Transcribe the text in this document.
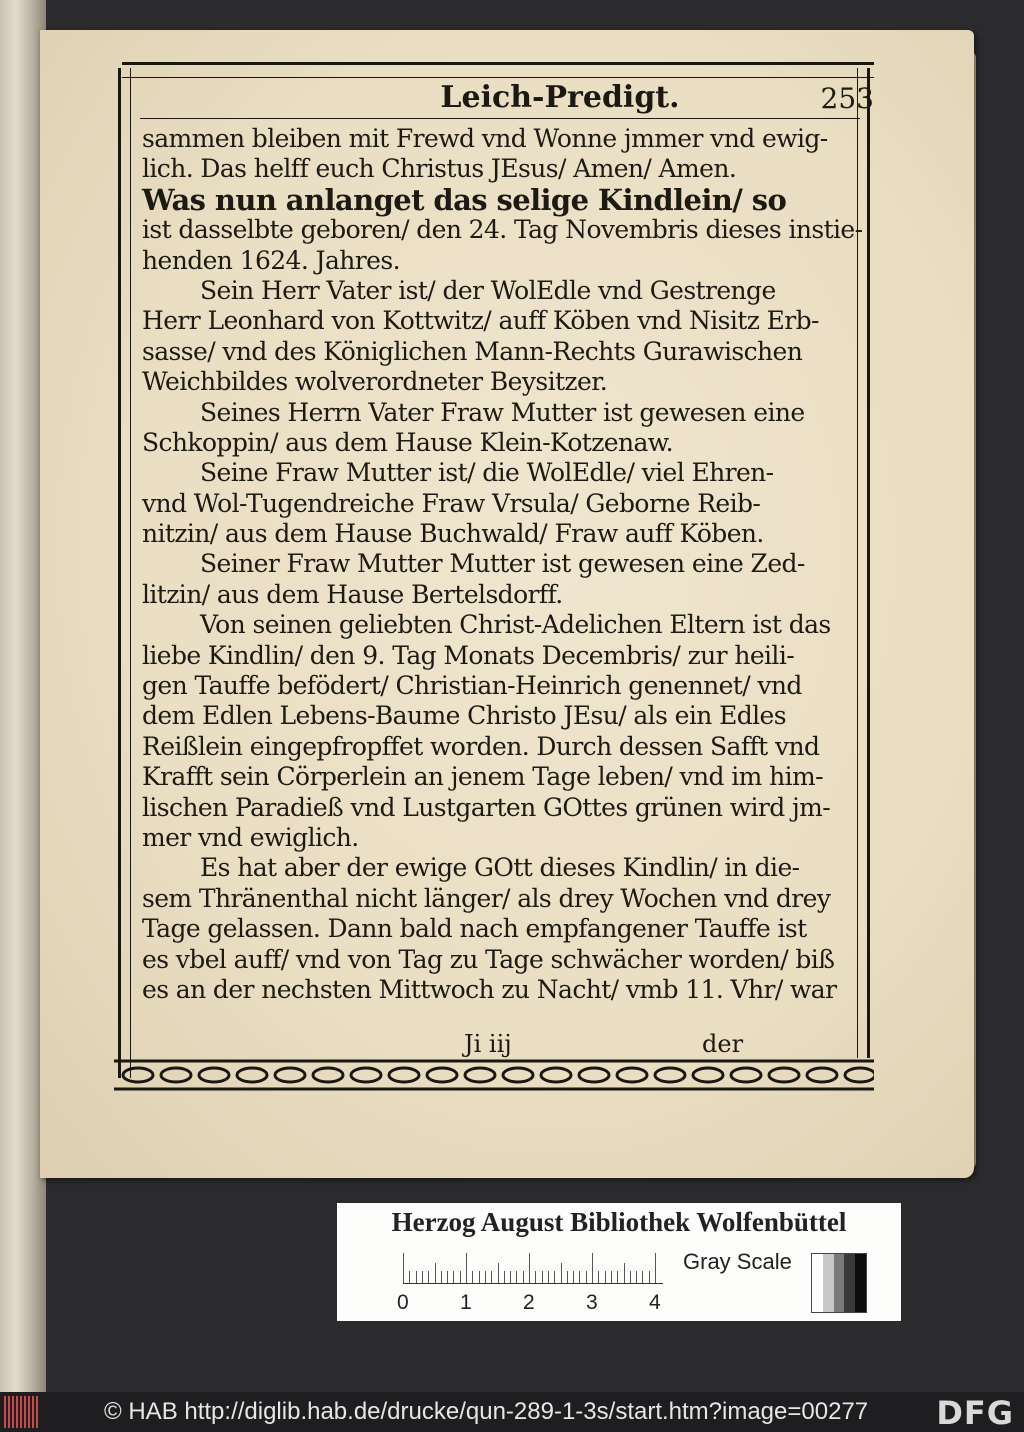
Leich-Predigt.	253
sammen bleiben mit Frewd vnd Wonne jmmer vnd ewig-
lich. Das helff euch Christus JEsus/ Amen/ Amen.
Was nun anlanget das selige Kindlein/ so
ist dasselbte geboren/ den 24. Tag Novembris dieses instie-
henden 1624. Jahres.
Sein Herr Vater ist/ der WolEdle vnd Gestrenge
Herr Leonhard von Kottwitz/ auff Köben vnd Nisitz Erb-
sasse/ vnd des Königlichen Mann-Rechts Gurawischen
Weichbildes wolverordneter Beysitzer.
Seines Herrn Vater Fraw Mutter ist gewesen eine
Schkoppin/ aus dem Hause Klein-Kotzenaw.
Seine Fraw Mutter ist/ die WolEdle/ viel Ehren-
vnd Wol-Tugendreiche Fraw Vrsula/ Geborne Reib-
nitzin/ aus dem Hause Buchwald/ Fraw auff Köben.
Seiner Fraw Mutter Mutter ist gewesen eine Zed-
litzin/ aus dem Hause Bertelsdorff.
Von seinen geliebten Christ-Adelichen Eltern ist das
liebe Kindlin/ den 9. Tag Monats Decembris/ zur heili-
gen Tauffe befödert/ Christian-Heinrich genennet/ vnd
dem Edlen Lebens-Baume Christo JEsu/ als ein Edles
Reißlein eingepfropffet worden. Durch dessen Safft vnd
Krafft sein Cörperlein an jenem Tage leben/ vnd im him-
lischen Paradieß vnd Lustgarten GOttes grünen wird jm-
mer vnd ewiglich.
Es hat aber der ewige GOtt dieses Kindlin/ in die-
sem Thränenthal nicht länger/ als drey Wochen vnd drey
Tage gelassen. Dann bald nach empfangener Tauffe ist
es vbel auff/ vnd von Tag zu Tage schwächer worden/ biß
es an der nechsten Mittwoch zu Nacht/ vmb 11. Vhr/ war
Ji iij	der
Herzog August Bibliothek Wolfenbüttel
0 1 2 3 4
Gray Scale
© HAB http://diglib.hab.de/drucke/qun-289-1-3s/start.htm?image=00277 DFG
